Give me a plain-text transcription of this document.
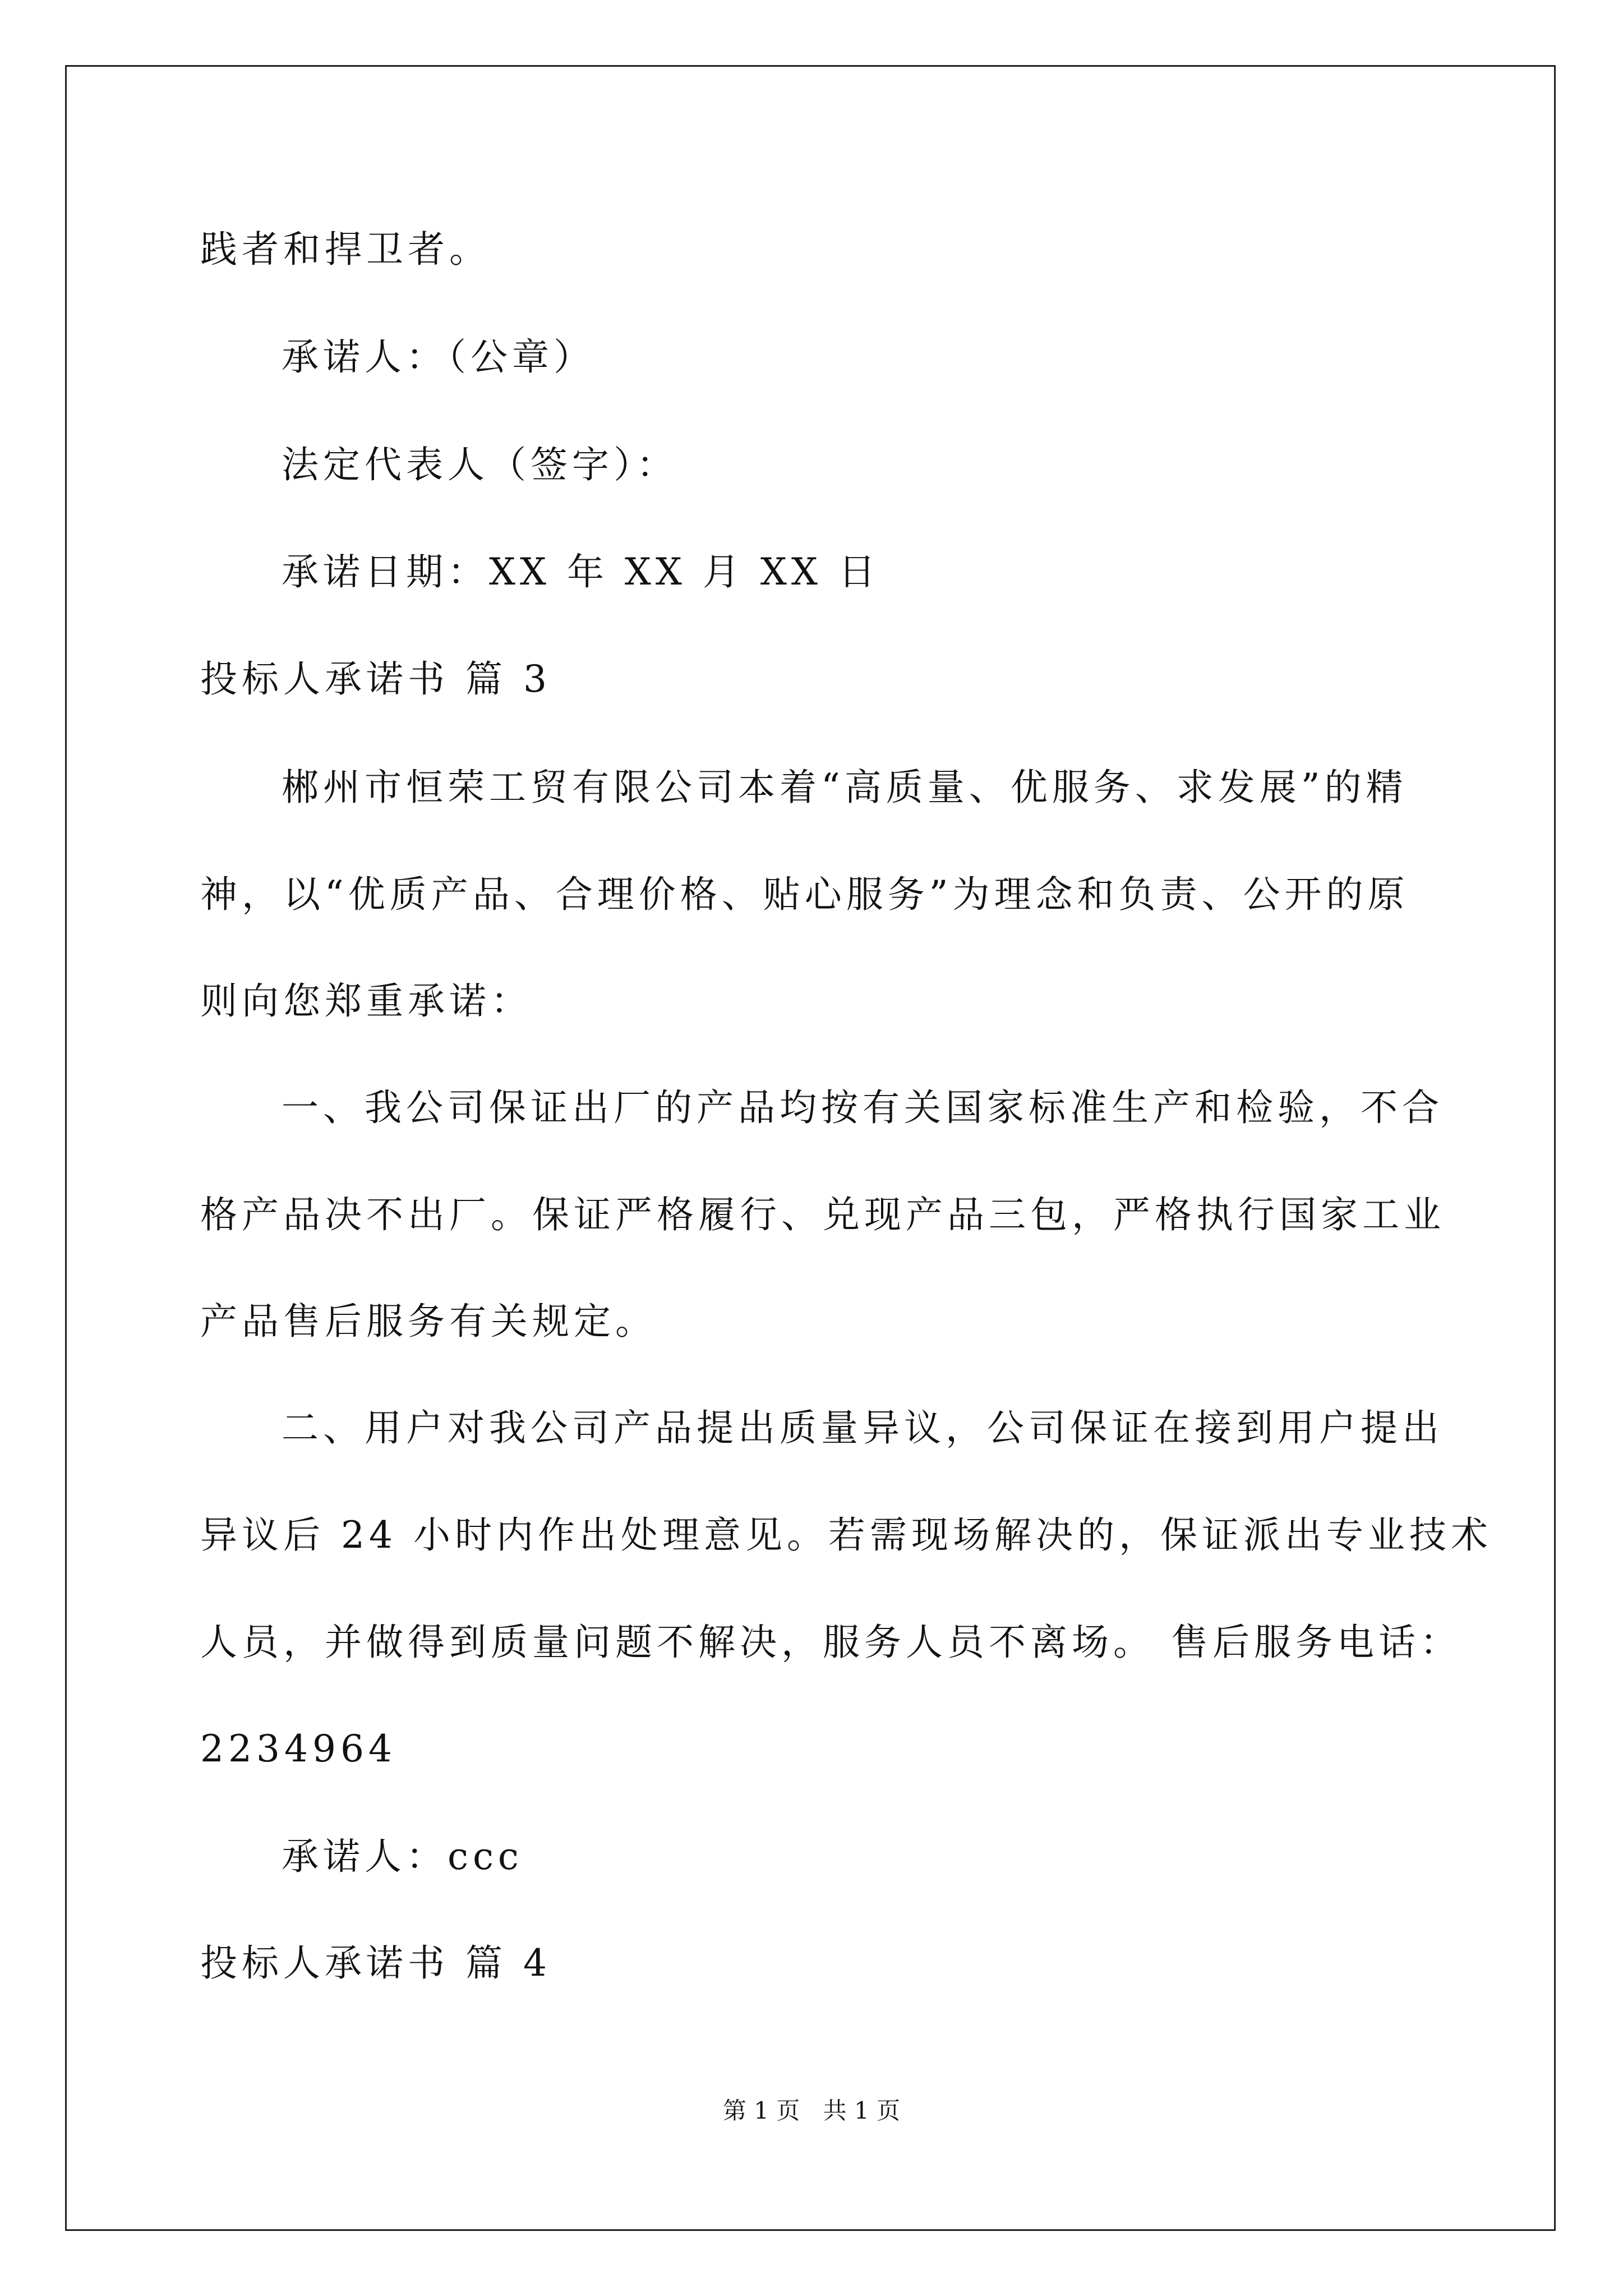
践者和捍卫者。
承诺人：（公章）
法定代表人（签字）：
承诺日期：XX 年 XX 月 XX 日
投标人承诺书 篇 3
郴州市恒荣工贸有限公司本着“高质量、优服务、求发展”的精
神，以“优质产品、合理价格、贴心服务”为理念和负责、公开的原
则向您郑重承诺：
一、我公司保证出厂的产品均按有关国家标准生产和检验，不合
格产品决不出厂。保证严格履行、兑现产品三包，严格执行国家工业
产品售后服务有关规定。
二、用户对我公司产品提出质量异议，公司保证在接到用户提出
异议后 24 小时内作出处理意见。若需现场解决的，保证派出专业技术
人员，并做得到质量问题不解决，服务人员不离场。 售后服务电话：
2234964
承诺人：ccc
投标人承诺书 篇 4
第 1 页 共 1 页
